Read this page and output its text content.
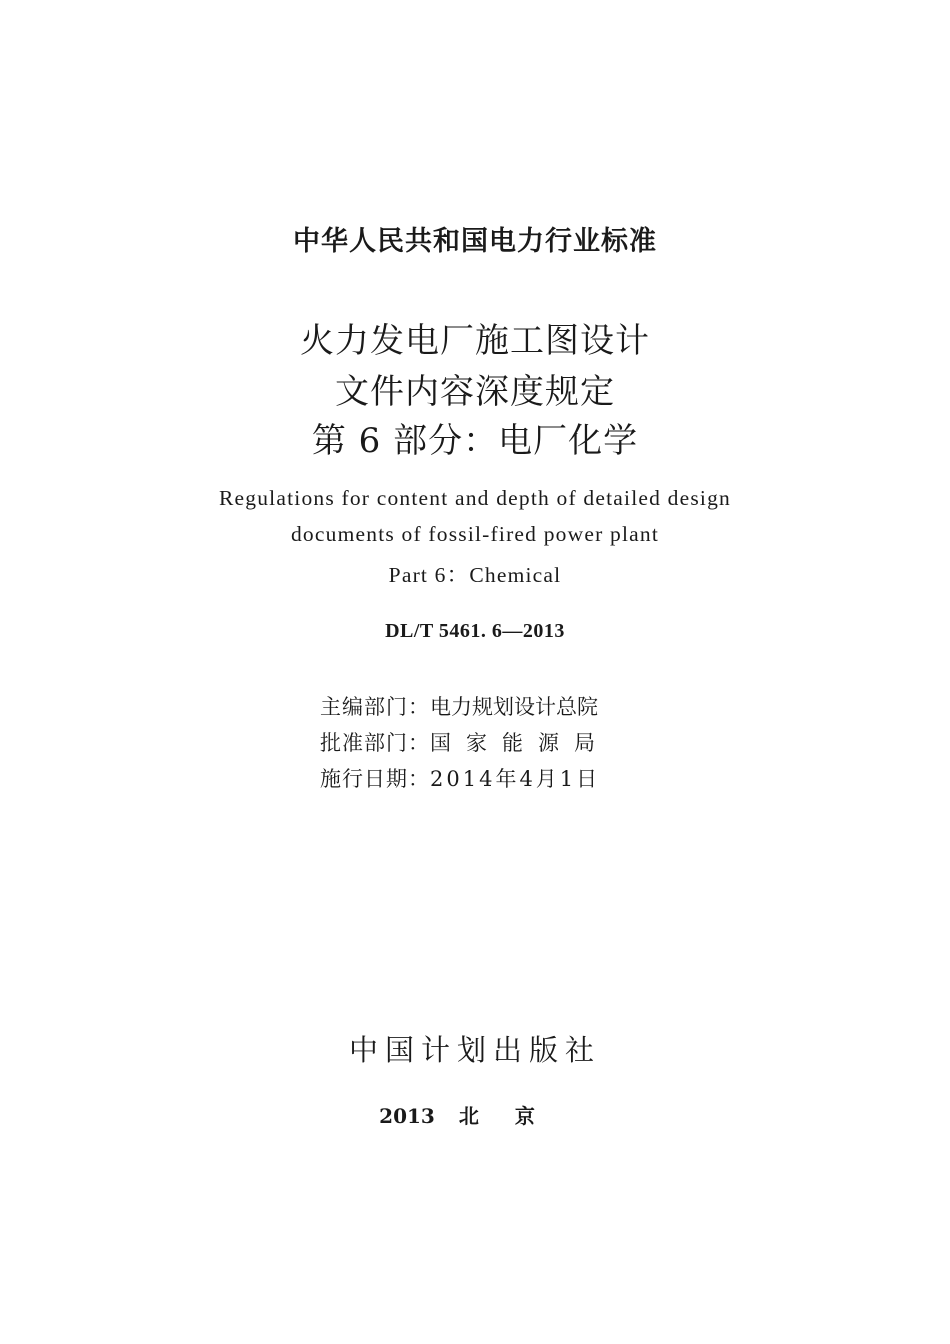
中华人民共和国电力行业标准
火力发电厂施工图设计
文件内容深度规定
第 6 部分：电厂化学
Regulations for content and depth of detailed design
documents of fossil-fired power plant
Part 6：Chemical
DL/T 5461. 6—2013
主编部门：电力规划设计总院
批准部门：国家能源局
施行日期：2014年4月1日
中国计划出版社
2013 北京
